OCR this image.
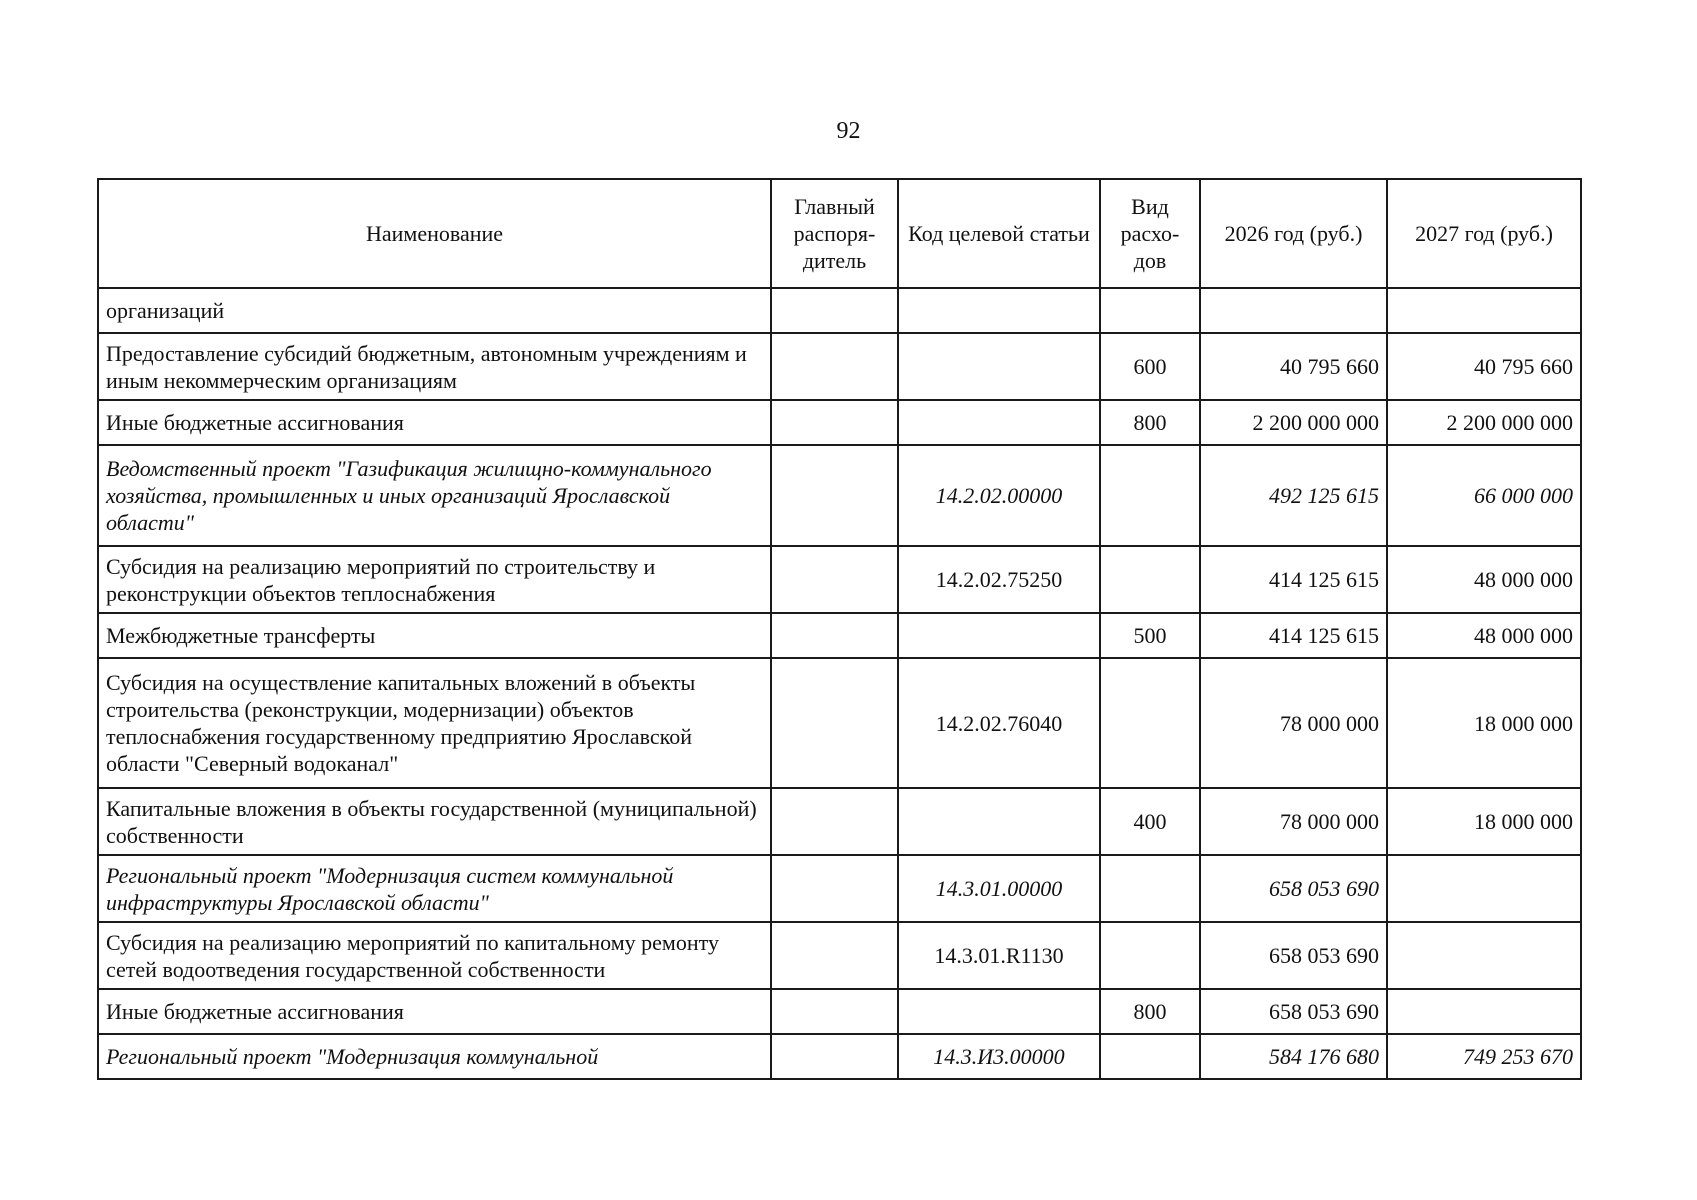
92
Наименование	Главный распоря-дитель	Код целевой статьи	Вид расхо-дов	2026 год (руб.)	2027 год (руб.)
организаций					
Предоставление субсидий бюджетным, автономным учреждениям и иным некоммерческим организациям			600	40 795 660	40 795 660
Иные бюджетные ассигнования			800	2 200 000 000	2 200 000 000
Ведомственный проект "Газификация жилищно-коммунального хозяйства, промышленных и иных организаций Ярославской области"		14.2.02.00000		492 125 615	66 000 000
Субсидия на реализацию мероприятий по строительству и реконструкции объектов теплоснабжения		14.2.02.75250		414 125 615	48 000 000
Межбюджетные трансферты			500	414 125 615	48 000 000
Субсидия на осуществление капитальных вложений в объекты строительства (реконструкции, модернизации) объектов теплоснабжения государственному предприятию Ярославской области "Северный водоканал"		14.2.02.76040		78 000 000	18 000 000
Капитальные вложения в объекты государственной (муниципальной) собственности			400	78 000 000	18 000 000
Региональный проект "Модернизация систем коммунальной инфраструктуры Ярославской области"		14.3.01.00000		658 053 690	
Субсидия на реализацию мероприятий по капитальному ремонту сетей водоотведения государственной собственности		14.3.01.R1130		658 053 690	
Иные бюджетные ассигнования			800	658 053 690	
Региональный проект "Модернизация коммунальной		14.3.И3.00000		584 176 680	749 253 670
